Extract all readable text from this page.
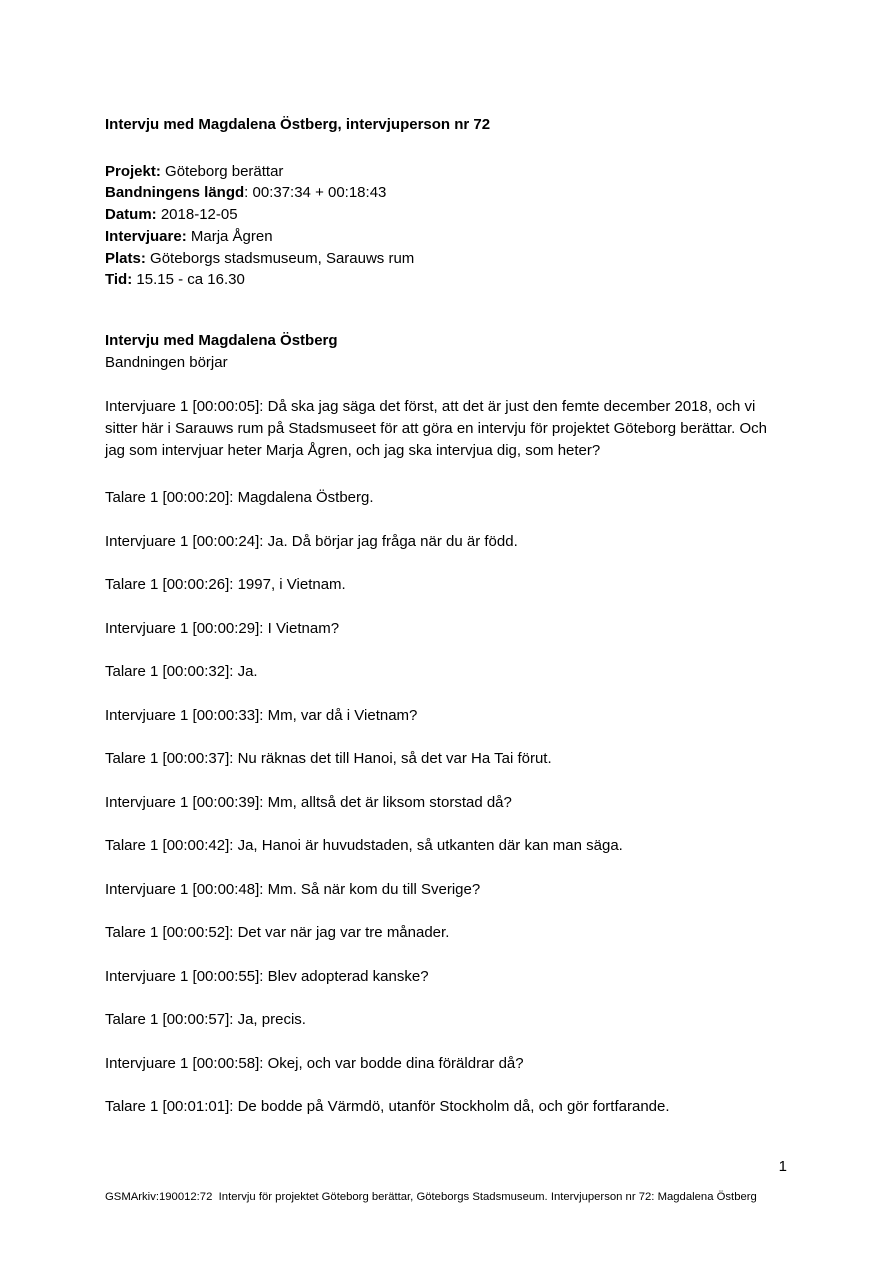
Intervju med Magdalena Östberg, intervjuperson nr 72
Projekt: Göteborg berättar
Bandningens längd: 00:37:34 + 00:18:43
Datum: 2018-12-05
Intervjuare: Marja Ågren
Plats: Göteborgs stadsmuseum, Sarauws rum
Tid: 15.15 - ca 16.30
Intervju med Magdalena Östberg
Bandningen börjar

Intervjuare 1 [00:00:05]: Då ska jag säga det först, att det är just den femte december 2018, och vi sitter här i Sarauws rum på Stadsmuseet för att göra en intervju för projektet Göteborg berättar. Och jag som intervjuar heter Marja Ågren, och jag ska intervjua dig, som heter?

Talare 1 [00:00:20]: Magdalena Östberg.

Intervjuare 1 [00:00:24]: Ja. Då börjar jag fråga när du är född.

Talare 1 [00:00:26]: 1997, i Vietnam.

Intervjuare 1 [00:00:29]: I Vietnam?

Talare 1 [00:00:32]: Ja.

Intervjuare 1 [00:00:33]: Mm, var då i Vietnam?

Talare 1 [00:00:37]: Nu räknas det till Hanoi, så det var Ha Tai förut.

Intervjuare 1 [00:00:39]: Mm, alltså det är liksom storstad då?

Talare 1 [00:00:42]: Ja, Hanoi är huvudstaden, så utkanten där kan man säga.

Intervjuare 1 [00:00:48]: Mm. Så när kom du till Sverige?

Talare 1 [00:00:52]: Det var när jag var tre månader.

Intervjuare 1 [00:00:55]: Blev adopterad kanske?

Talare 1 [00:00:57]: Ja, precis.

Intervjuare 1 [00:00:58]: Okej, och var bodde dina föräldrar då?

Talare 1 [00:01:01]: De bodde på Värmdö, utanför Stockholm då, och gör fortfarande.

1
GSMArkiv:190012:72  Intervju för projektet Göteborg berättar, Göteborgs Stadsmuseum. Intervjuperson nr 72: Magdalena Östberg
